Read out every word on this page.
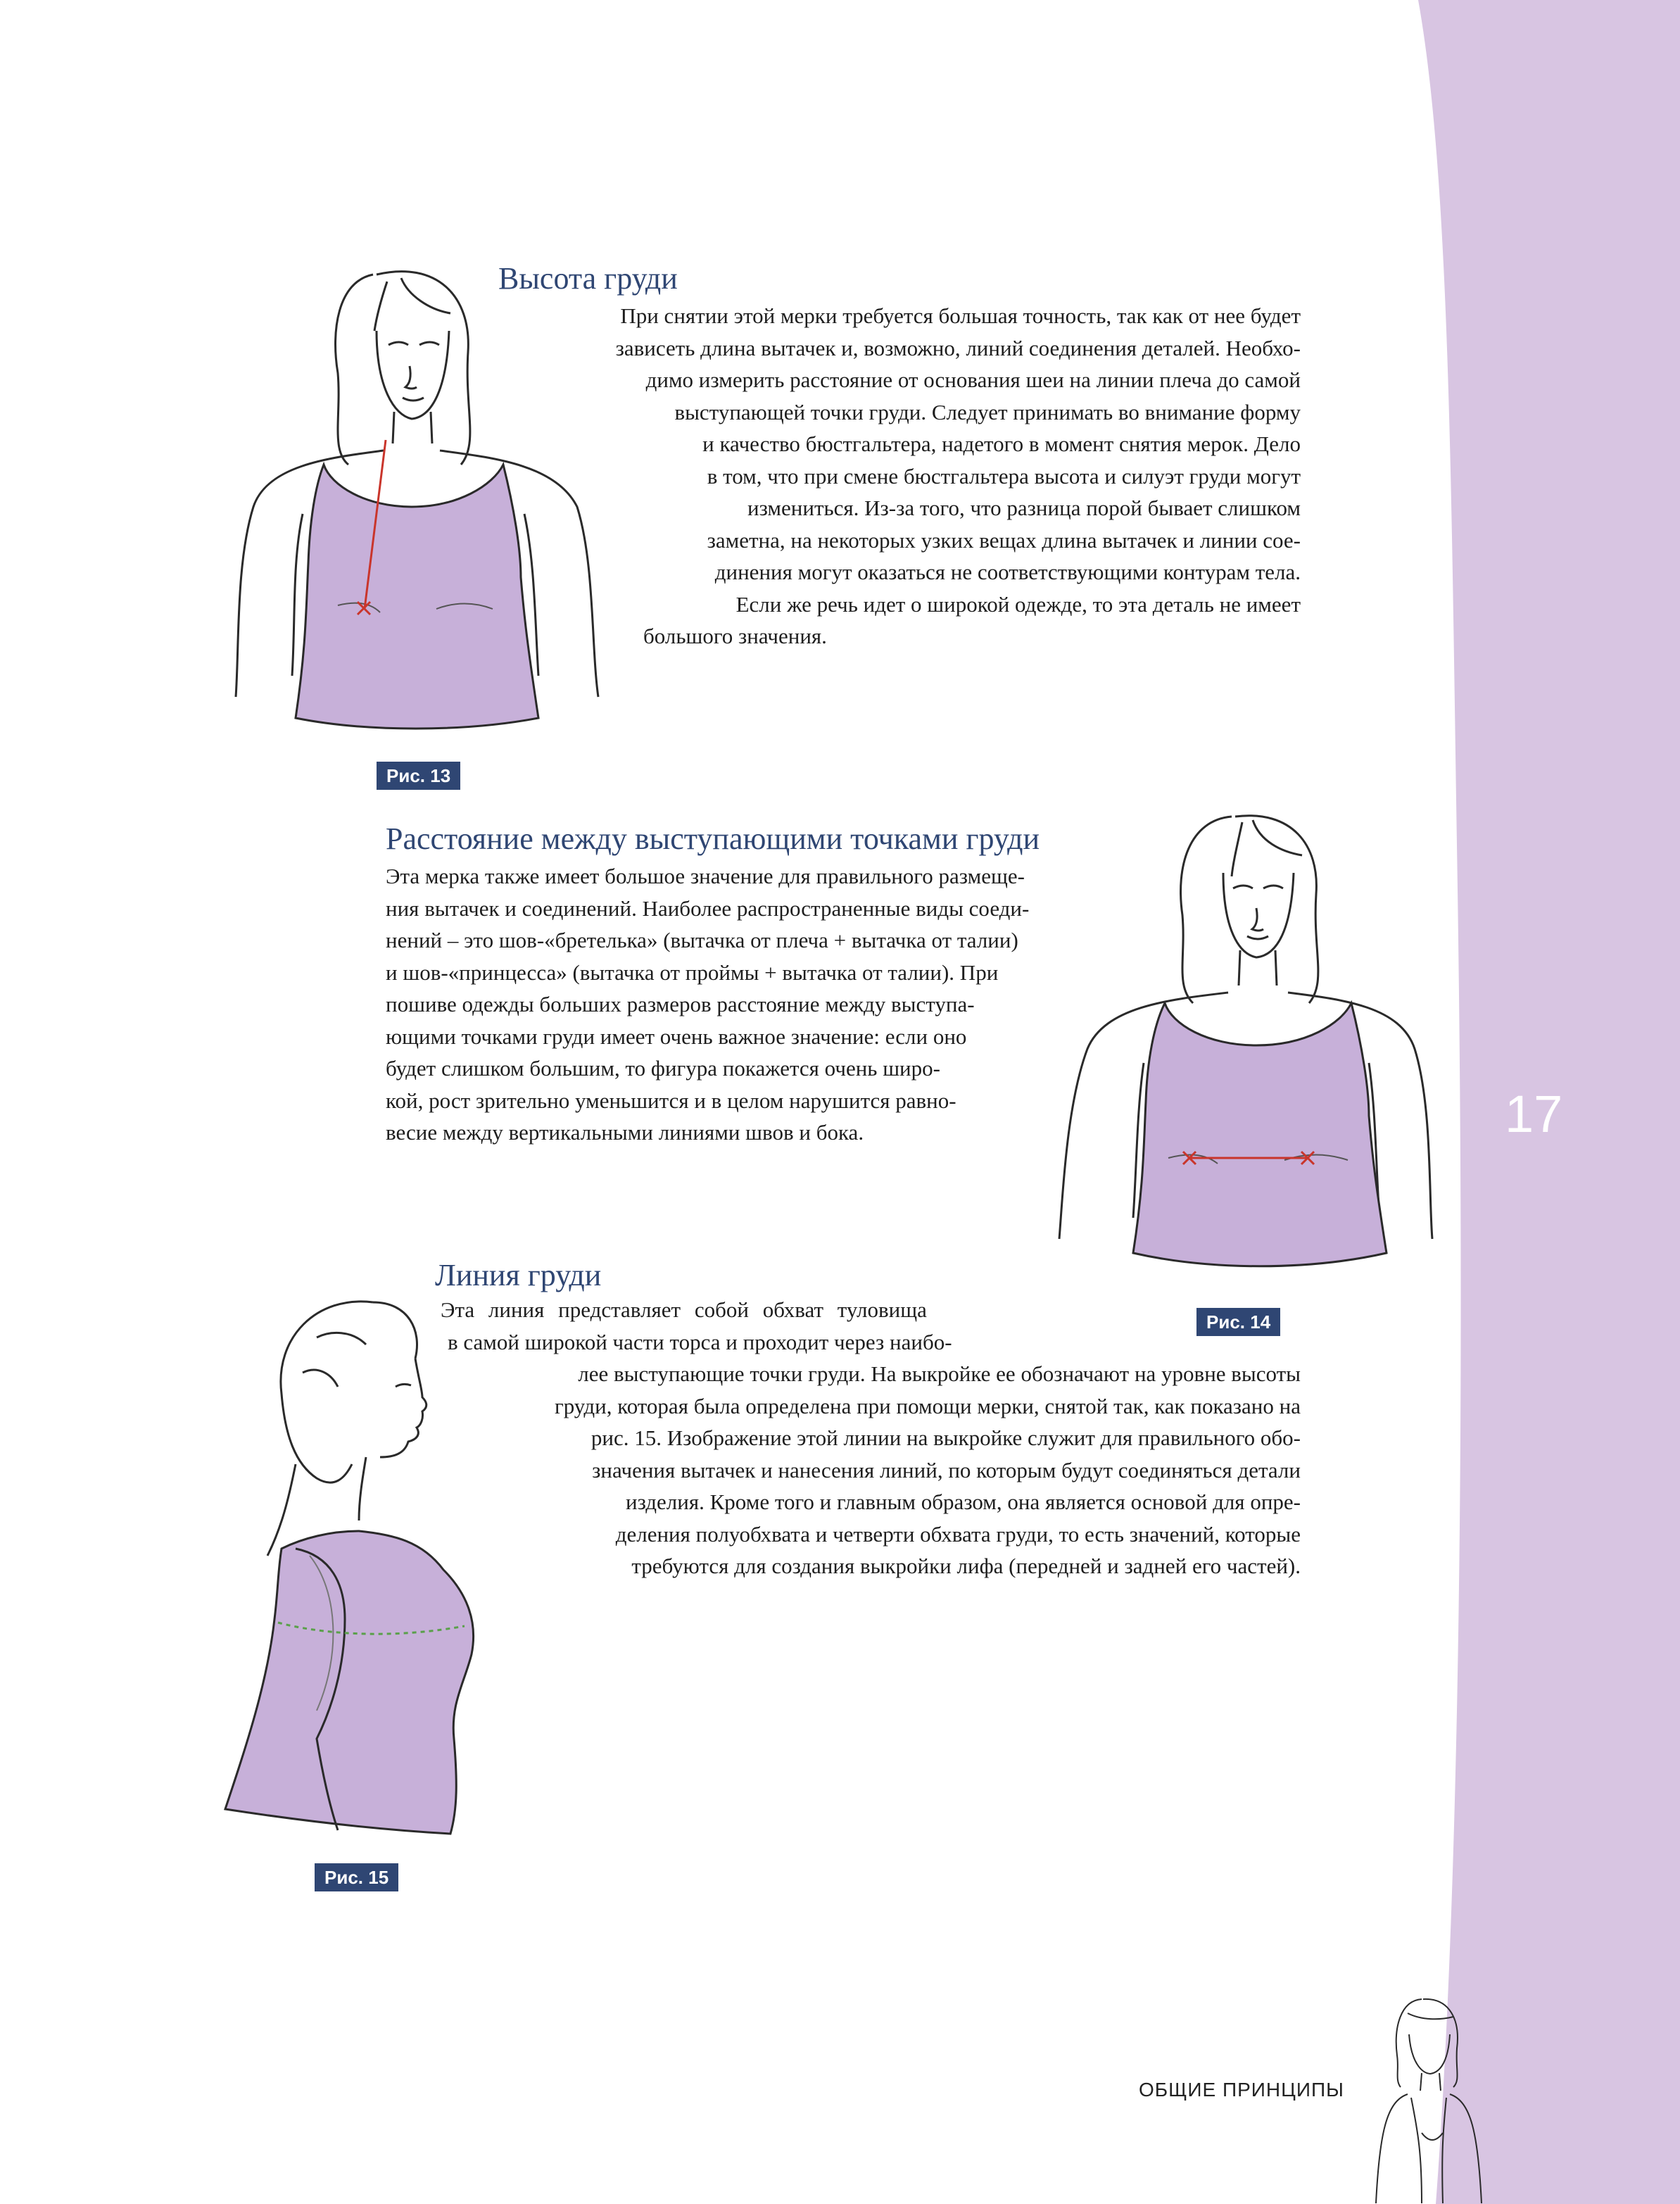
17
Рис. 13
Высота груди
При снятии этой мерки требуется большая точность, так как от нее будет
зависеть длина вытачек и, возможно, линий соединения деталей. Необхо-
димо измерить расстояние от основания шеи на линии плеча до самой
выступающей точки груди. Следует принимать во внимание форму
и качество бюстгальтера, надетого в момент снятия мерок. Дело
в том, что при смене бюстгальтера высота и силуэт груди могут
измениться. Из-за того, что разница порой бывает слишком
заметна, на некоторых узких вещах длина вытачек и линии сое-
динения могут оказаться не соответствующими контурам тела.
Если же речь идет о широкой одежде, то эта деталь не имеет
большого значения.
Расстояние между выступающими точками груди
Эта мерка также имеет большое значение для правильного размеще-
ния вытачек и соединений. Наиболее распространенные виды соеди-
нений – это шов-«бретелька» (вытачка от плеча + вытачка от талии)
и шов-«принцесса» (вытачка от проймы + вытачка от талии). При
пошиве одежды больших размеров расстояние между выступа-
ющими точками груди имеет очень важное значение: если оно
будет слишком большим, то фигура покажется очень широ-
кой, рост зрительно уменьшится и в целом нарушится равно-
весие между вертикальными линиями швов и бока.
Рис. 14
Линия груди
Эта линия представляет собой обхват туловища
в самой широкой части торса и проходит через наибо-
лее выступающие точки груди. На выкройке ее обозначают на уровне высоты
груди, которая была определена при помощи мерки, снятой так, как показано на
рис. 15. Изображение этой линии на выкройке служит для правильного обо-
значения вытачек и нанесения линий, по которым будут соединяться детали
изделия. Кроме того и главным образом, она является основой для опре-
деления полуобхвата и четверти обхвата груди, то есть значений, которые
требуются для создания выкройки лифа (передней и задней его частей).
Рис. 15
ОБЩИЕ ПРИНЦИПЫ
